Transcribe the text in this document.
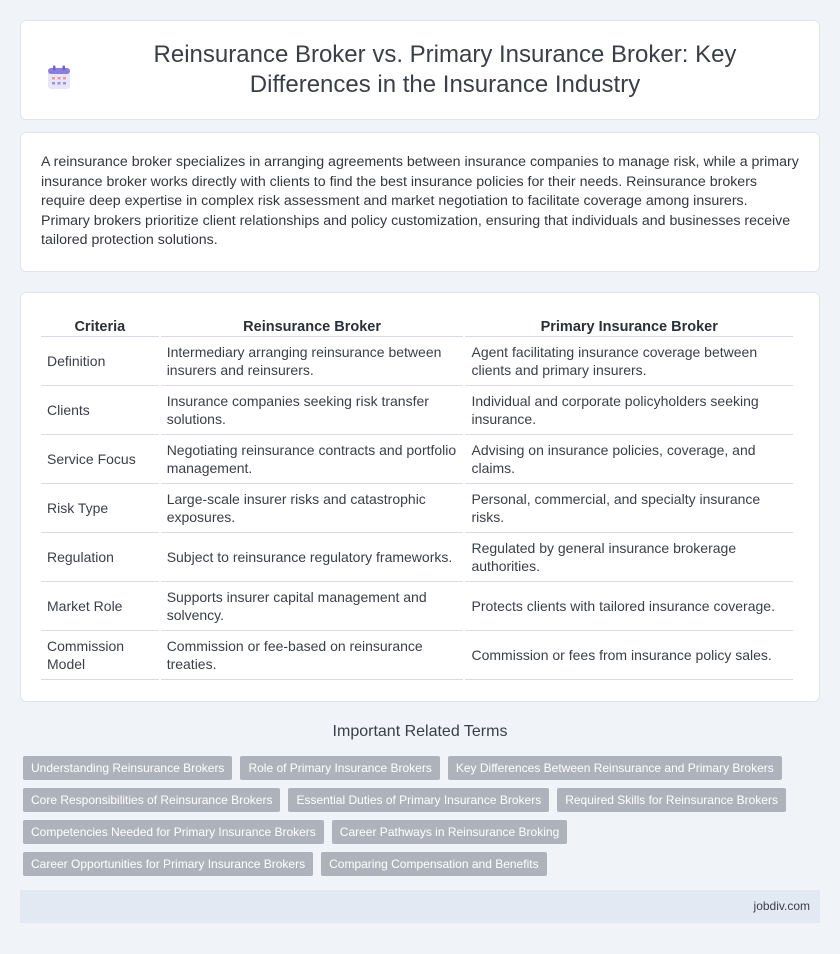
Reinsurance Broker vs. Primary Insurance Broker: Key Differences in the Insurance Industry

A reinsurance broker specializes in arranging agreements between insurance companies to manage risk, while a primary insurance broker works directly with clients to find the best insurance policies for their needs. Reinsurance brokers require deep expertise in complex risk assessment and market negotiation to facilitate coverage among insurers. Primary brokers prioritize client relationships and policy customization, ensuring that individuals and businesses receive tailored protection solutions.

Criteria	Reinsurance Broker	Primary Insurance Broker
Definition	Intermediary arranging reinsurance between insurers and reinsurers.	Agent facilitating insurance coverage between clients and primary insurers.
Clients	Insurance companies seeking risk transfer solutions.	Individual and corporate policyholders seeking insurance.
Service Focus	Negotiating reinsurance contracts and portfolio management.	Advising on insurance policies, coverage, and claims.
Risk Type	Large-scale insurer risks and catastrophic exposures.	Personal, commercial, and specialty insurance risks.
Regulation	Subject to reinsurance regulatory frameworks.	Regulated by general insurance brokerage authorities.
Market Role	Supports insurer capital management and solvency.	Protects clients with tailored insurance coverage.
Commission Model	Commission or fee-based on reinsurance treaties.	Commission or fees from insurance policy sales.
Important Related Terms
Understanding Reinsurance Brokers	Role of Primary Insurance Brokers	Key Differences Between Reinsurance and Primary Brokers
Core Responsibilities of Reinsurance Brokers	Essential Duties of Primary Insurance Brokers	Required Skills for Reinsurance Brokers
Competencies Needed for Primary Insurance Brokers	Career Pathways in Reinsurance Broking
Career Opportunities for Primary Insurance Brokers	Comparing Compensation and Benefits
jobdiv.com
